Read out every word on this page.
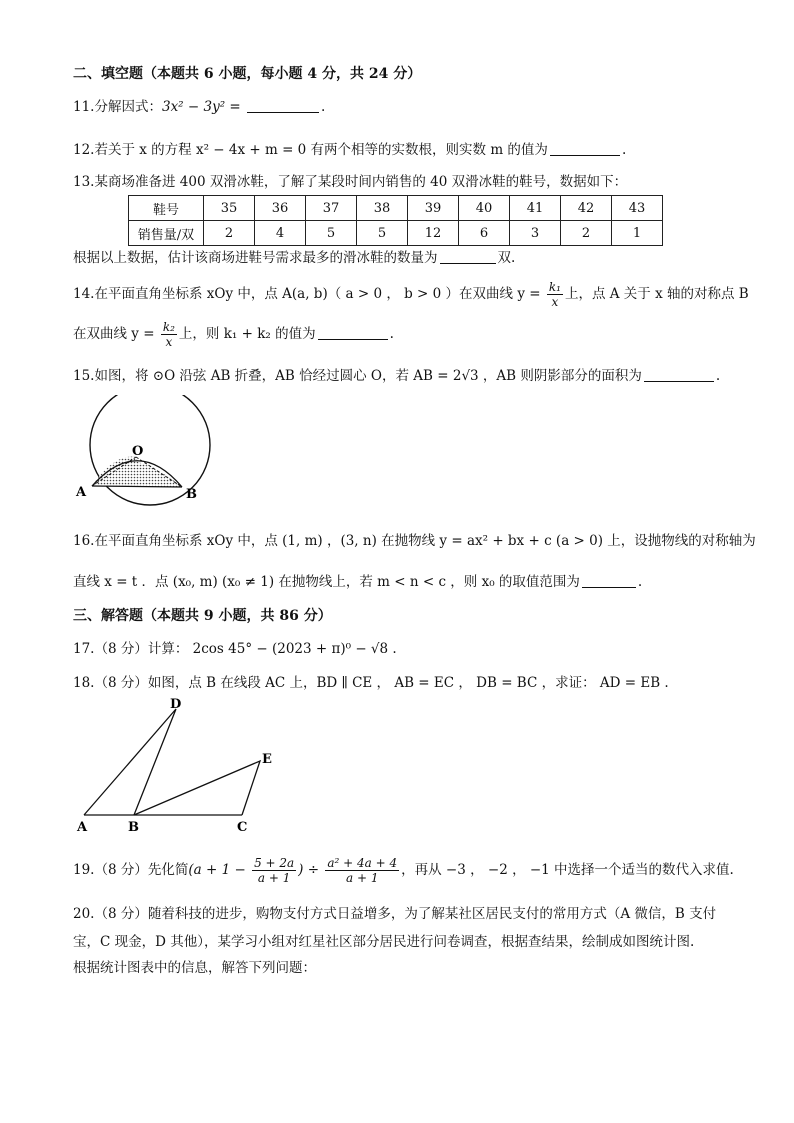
二、填空题（本题共 6 小题，每小题 4 分，共 24 分）
11.分解因式：3x² − 3y² =	.
12.若关于 x 的方程 x² − 4x + m = 0 有两个相等的实数根，则实数 m 的值为	.
13.某商场准备进 400 双滑冰鞋，了解了某段时间内销售的 40 双滑冰鞋的鞋号，数据如下：
鞋号	35	36	37	38	39	40	41	42	43
销售量/双	2	4	5	5	12	6	3	2	1
根据以上数据，估计该商场进鞋号需求最多的滑冰鞋的数量为	双.
14.在平面直角坐标系 xOy 中，点 A(a, b)（ a > 0 ， b > 0 ）在双曲线 $y = \frac{\text{k₁}}{x}$ 上，点 A 关于 x 轴的对称点 B
在双曲线 $y = \frac{\text{k₂}}{x}$ 上，则 k₁ + k₂ 的值为	.
15.如图，将 ⊙O 沿弦 AB 折叠，AB 恰经过圆心 O，若 AB = 2√3 ，AB 则阴影部分的面积为	.
O
A	B
16.在平面直角坐标系 xOy 中，点 (1, m) ，(3, n) 在抛物线 y = ax² + bx + c (a > 0) 上，设抛物线的对称轴为
直线 x = t ．点 (x₀, m) (x₀ ≠ 1) 在抛物线上，若 m < n < c ，则 x₀ 的取值范围为	.
三、解答题（本题共 9 小题，共 86 分）
17.（8 分）计算： 2cos 45° − (2023 + π)⁰ − √8 .
18.（8 分）如图，点 B 在线段 AC 上，BD ∥ CE ， AB = EC ， DB = BC ，求证： AD = EB .
A	B	C
D
E
19.（8 分）先化简($a + 1 - \frac{5 + 2a}{a + 1}$ ) ÷ $\frac{\text{a² + 4a + 4}}{a + 1}$ ，再从 −3 ， −2 ， −1 中选择一个适当的数代入求值.
20.（8 分）随着科技的进步，购物支付方式日益增多，为了解某社区居民支付的常用方式（A 微信，B 支付
宝，C 现金，D 其他），某学习小组对红星社区部分居民进行问卷调查，根据查结果，绘制成如图统计图.
根据统计图表中的信息，解答下列问题：
